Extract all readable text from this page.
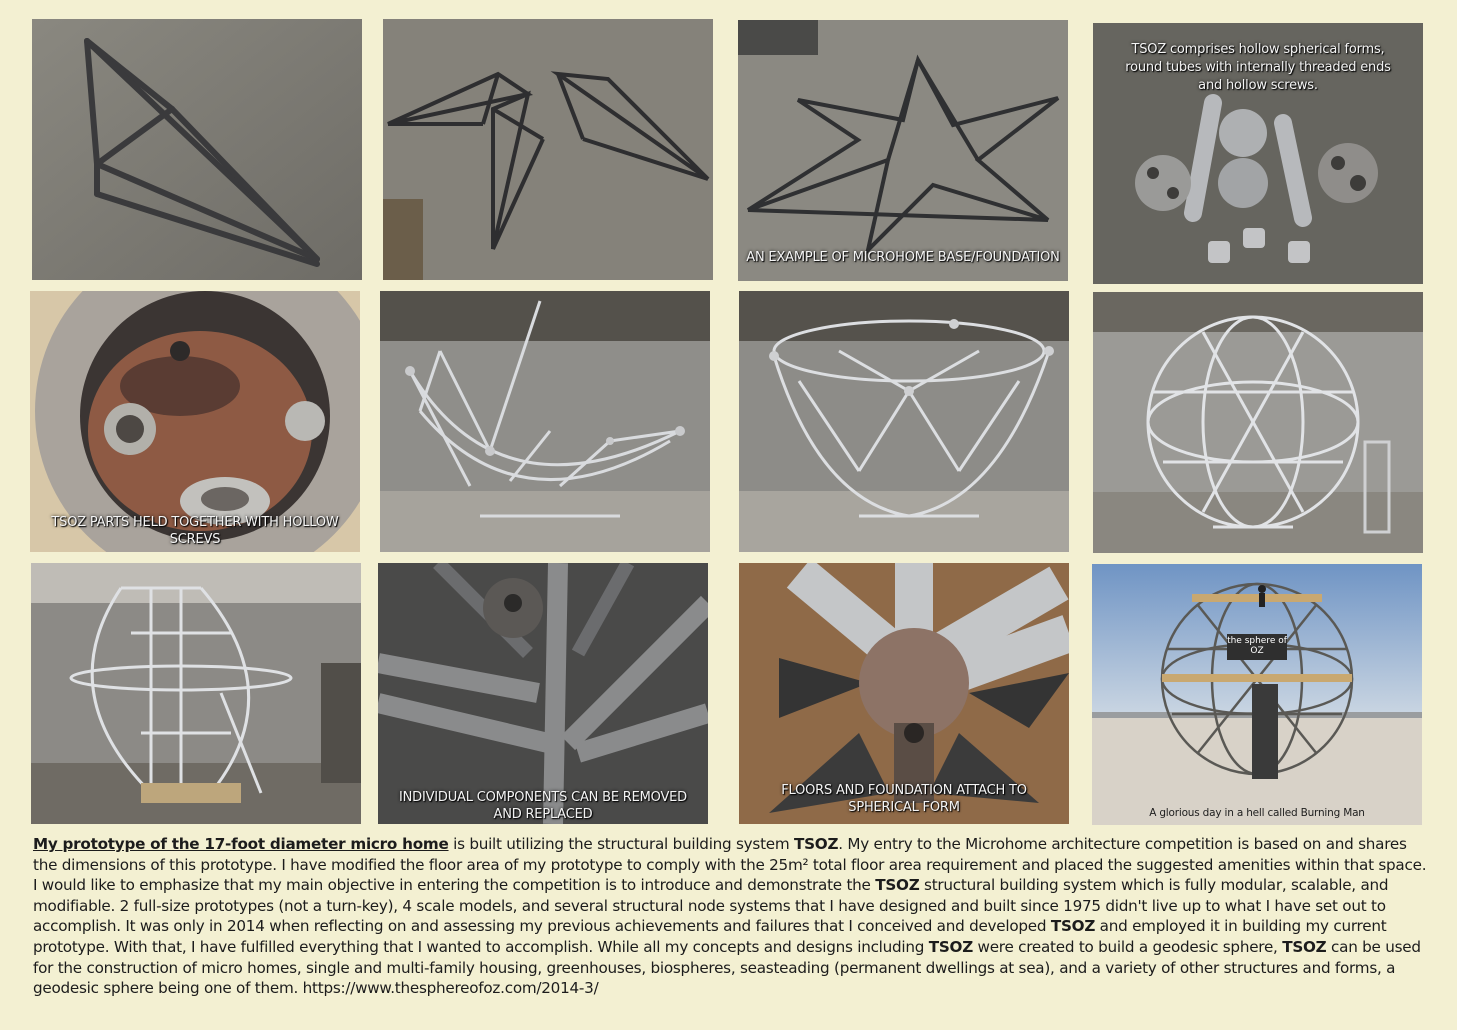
AN EXAMPLE OF MICROHOME BASE/FOUNDATION
TSOZ comprises hollow spherical forms,
round tubes with internally threaded ends
and hollow screws.
TSOZ PARTS HELD TOGETHER WITH HOLLOW SCREVS
INDIVIDUAL COMPONENTS CAN BE REMOVED
AND REPLACED
FLOORS AND FOUNDATION ATTACH TO
SPHERICAL FORM
the sphere of
OZ
A glorious day in a hell called Burning Man
My prototype of the 17-foot diameter micro home is built utilizing the structural building system TSOZ. My entry to the Microhome architecture competition is based on and shares the dimensions of this prototype. I have modified the floor area of my prototype to comply with the 25m² total floor area requirement and placed the suggested amenities within that space. I would like to emphasize that my main objective in entering the competition is to introduce and demonstrate the TSOZ structural building system which is fully modular, scalable, and modifiable. 2 full-size prototypes (not a turn-key), 4 scale models, and several structural node systems that I have designed and built since 1975 didn't live up to what I have set out to accomplish. It was only in 2014 when reflecting on and assessing my previous achievements and failures that I conceived and developed TSOZ and employed it in building my current prototype. With that, I have fulfilled everything that I wanted to accomplish. While all my concepts and designs including TSOZ were created to build a geodesic sphere, TSOZ can be used for the construction of micro homes, single and multi-family housing, greenhouses, biospheres, seasteading (permanent dwellings at sea), and a variety of other structures and forms, a geodesic sphere being one of them. https://www.thesphereofoz.com/2014-3/
